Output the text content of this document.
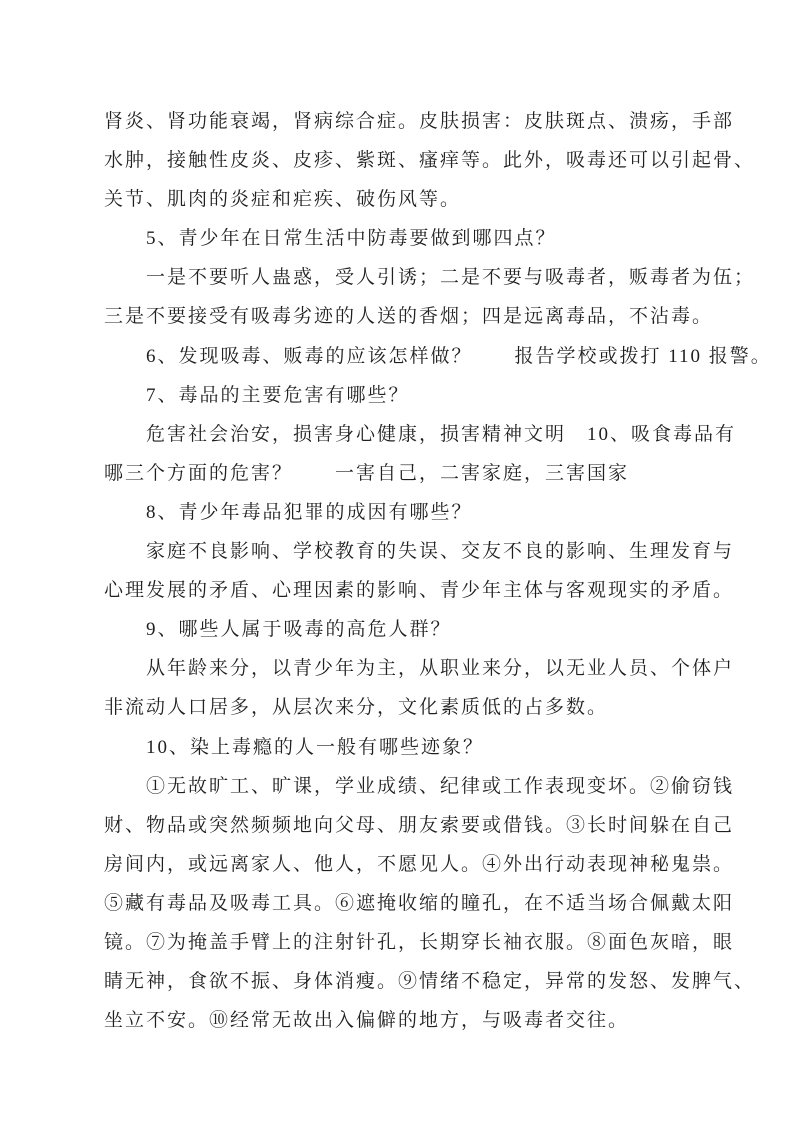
肾炎、肾功能衰竭，肾病综合症。皮肤损害：皮肤斑点、溃疡，手部
水肿，接触性皮炎、皮疹、紫斑、瘙痒等。此外，吸毒还可以引起骨、
关节、肌肉的炎症和疟疾、破伤风等。
　　5、青少年在日常生活中防毒要做到哪四点？
　　一是不要听人蛊惑，受人引诱；二是不要与吸毒者，贩毒者为伍；
三是不要接受有吸毒劣迹的人送的香烟；四是远离毒品，不沾毒。
　　6、发现吸毒、贩毒的应该怎样做？　　报告学校或拨打 110 报警。
　　7、毒品的主要危害有哪些？
　　危害社会治安，损害身心健康，损害精神文明　10、吸食毒品有
哪三个方面的危害？　　一害自己，二害家庭，三害国家
　　8、青少年毒品犯罪的成因有哪些？
　　家庭不良影响、学校教育的失误、交友不良的影响、生理发育与
心理发展的矛盾、心理因素的影响、青少年主体与客观现实的矛盾。
　　9、哪些人属于吸毒的高危人群？
　　从年龄来分，以青少年为主，从职业来分，以无业人员、个体户
非流动人口居多，从层次来分，文化素质低的占多数。
　　10、染上毒瘾的人一般有哪些迹象？
　　①无故旷工、旷课，学业成绩、纪律或工作表现变坏。②偷窃钱
财、物品或突然频频地向父母、朋友索要或借钱。③长时间躲在自己
房间内，或远离家人、他人，不愿见人。④外出行动表现神秘鬼祟。
⑤藏有毒品及吸毒工具。⑥遮掩收缩的瞳孔，在不适当场合佩戴太阳
镜。⑦为掩盖手臂上的注射针孔，长期穿长袖衣服。⑧面色灰暗，眼
睛无神，食欲不振、身体消瘦。⑨情绪不稳定，异常的发怒、发脾气、
坐立不安。⑩经常无故出入偏僻的地方，与吸毒者交往。
